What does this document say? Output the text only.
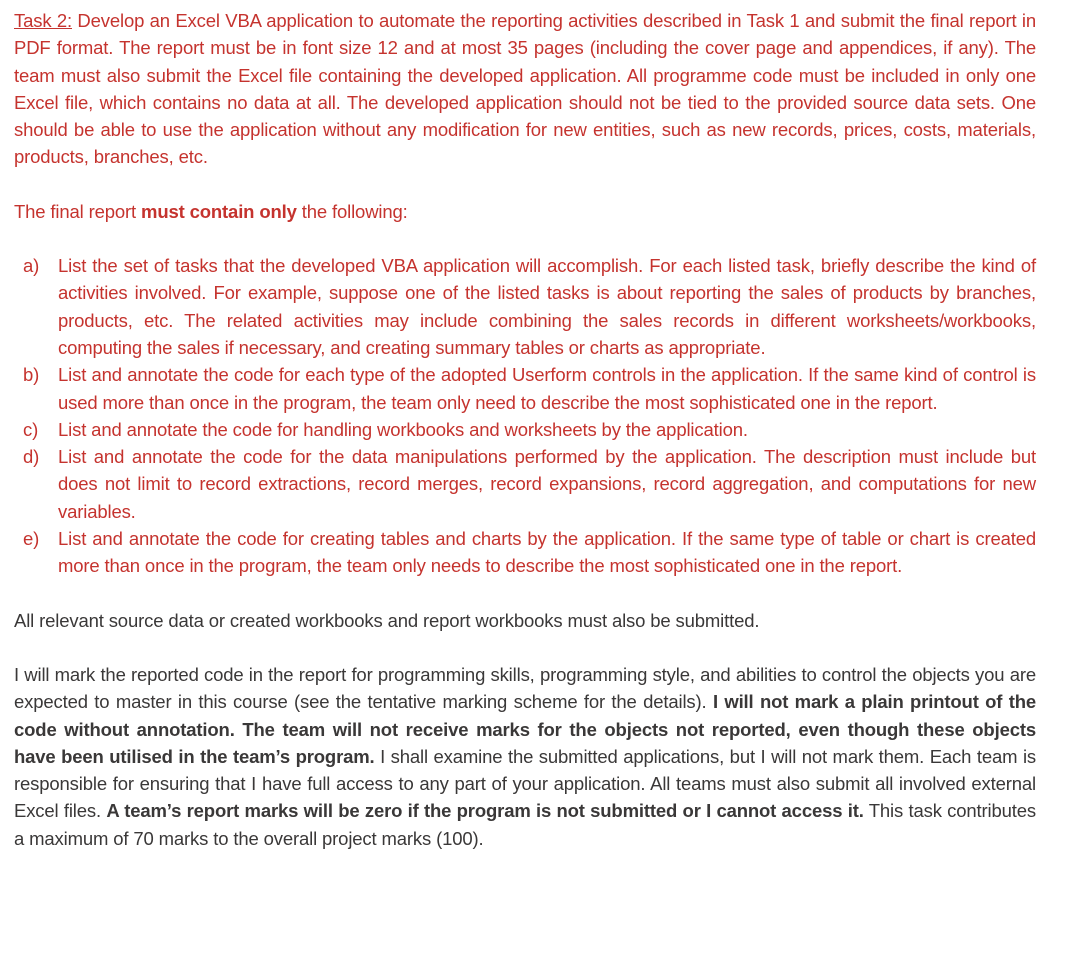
Task 2: Develop an Excel VBA application to automate the reporting activities described in Task 1 and submit the final report in PDF format. The report must be in font size 12 and at most 35 pages (including the cover page and appendices, if any). The team must also submit the Excel file containing the developed application. All programme code must be included in only one Excel file, which contains no data at all. The developed application should not be tied to the provided source data sets. One should be able to use the application without any modification for new entities, such as new records, prices, costs, materials, products, branches, etc.

The final report must contain only the following:

a) List the set of tasks that the developed VBA application will accomplish. For each listed task, briefly describe the kind of activities involved. For example, suppose one of the listed tasks is about reporting the sales of products by branches, products, etc. The related activities may include combining the sales records in different worksheets/workbooks, computing the sales if necessary, and creating summary tables or charts as appropriate.
b) List and annotate the code for each type of the adopted Userform controls in the application. If the same kind of control is used more than once in the program, the team only need to describe the most sophisticated one in the report.
c) List and annotate the code for handling workbooks and worksheets by the application.
d) List and annotate the code for the data manipulations performed by the application. The description must include but does not limit to record extractions, record merges, record expansions, record aggregation, and computations for new variables.
e) List and annotate the code for creating tables and charts by the application. If the same type of table or chart is created more than once in the program, the team only needs to describe the most sophisticated one in the report.

All relevant source data or created workbooks and report workbooks must also be submitted.

I will mark the reported code in the report for programming skills, programming style, and abilities to control the objects you are expected to master in this course (see the tentative marking scheme for the details). I will not mark a plain printout of the code without annotation. The team will not receive marks for the objects not reported, even though these objects have been utilised in the team’s program. I shall examine the submitted applications, but I will not mark them. Each team is responsible for ensuring that I have full access to any part of your application. All teams must also submit all involved external Excel files. A team’s report marks will be zero if the program is not submitted or I cannot access it. This task contributes a maximum of 70 marks to the overall project marks (100).
